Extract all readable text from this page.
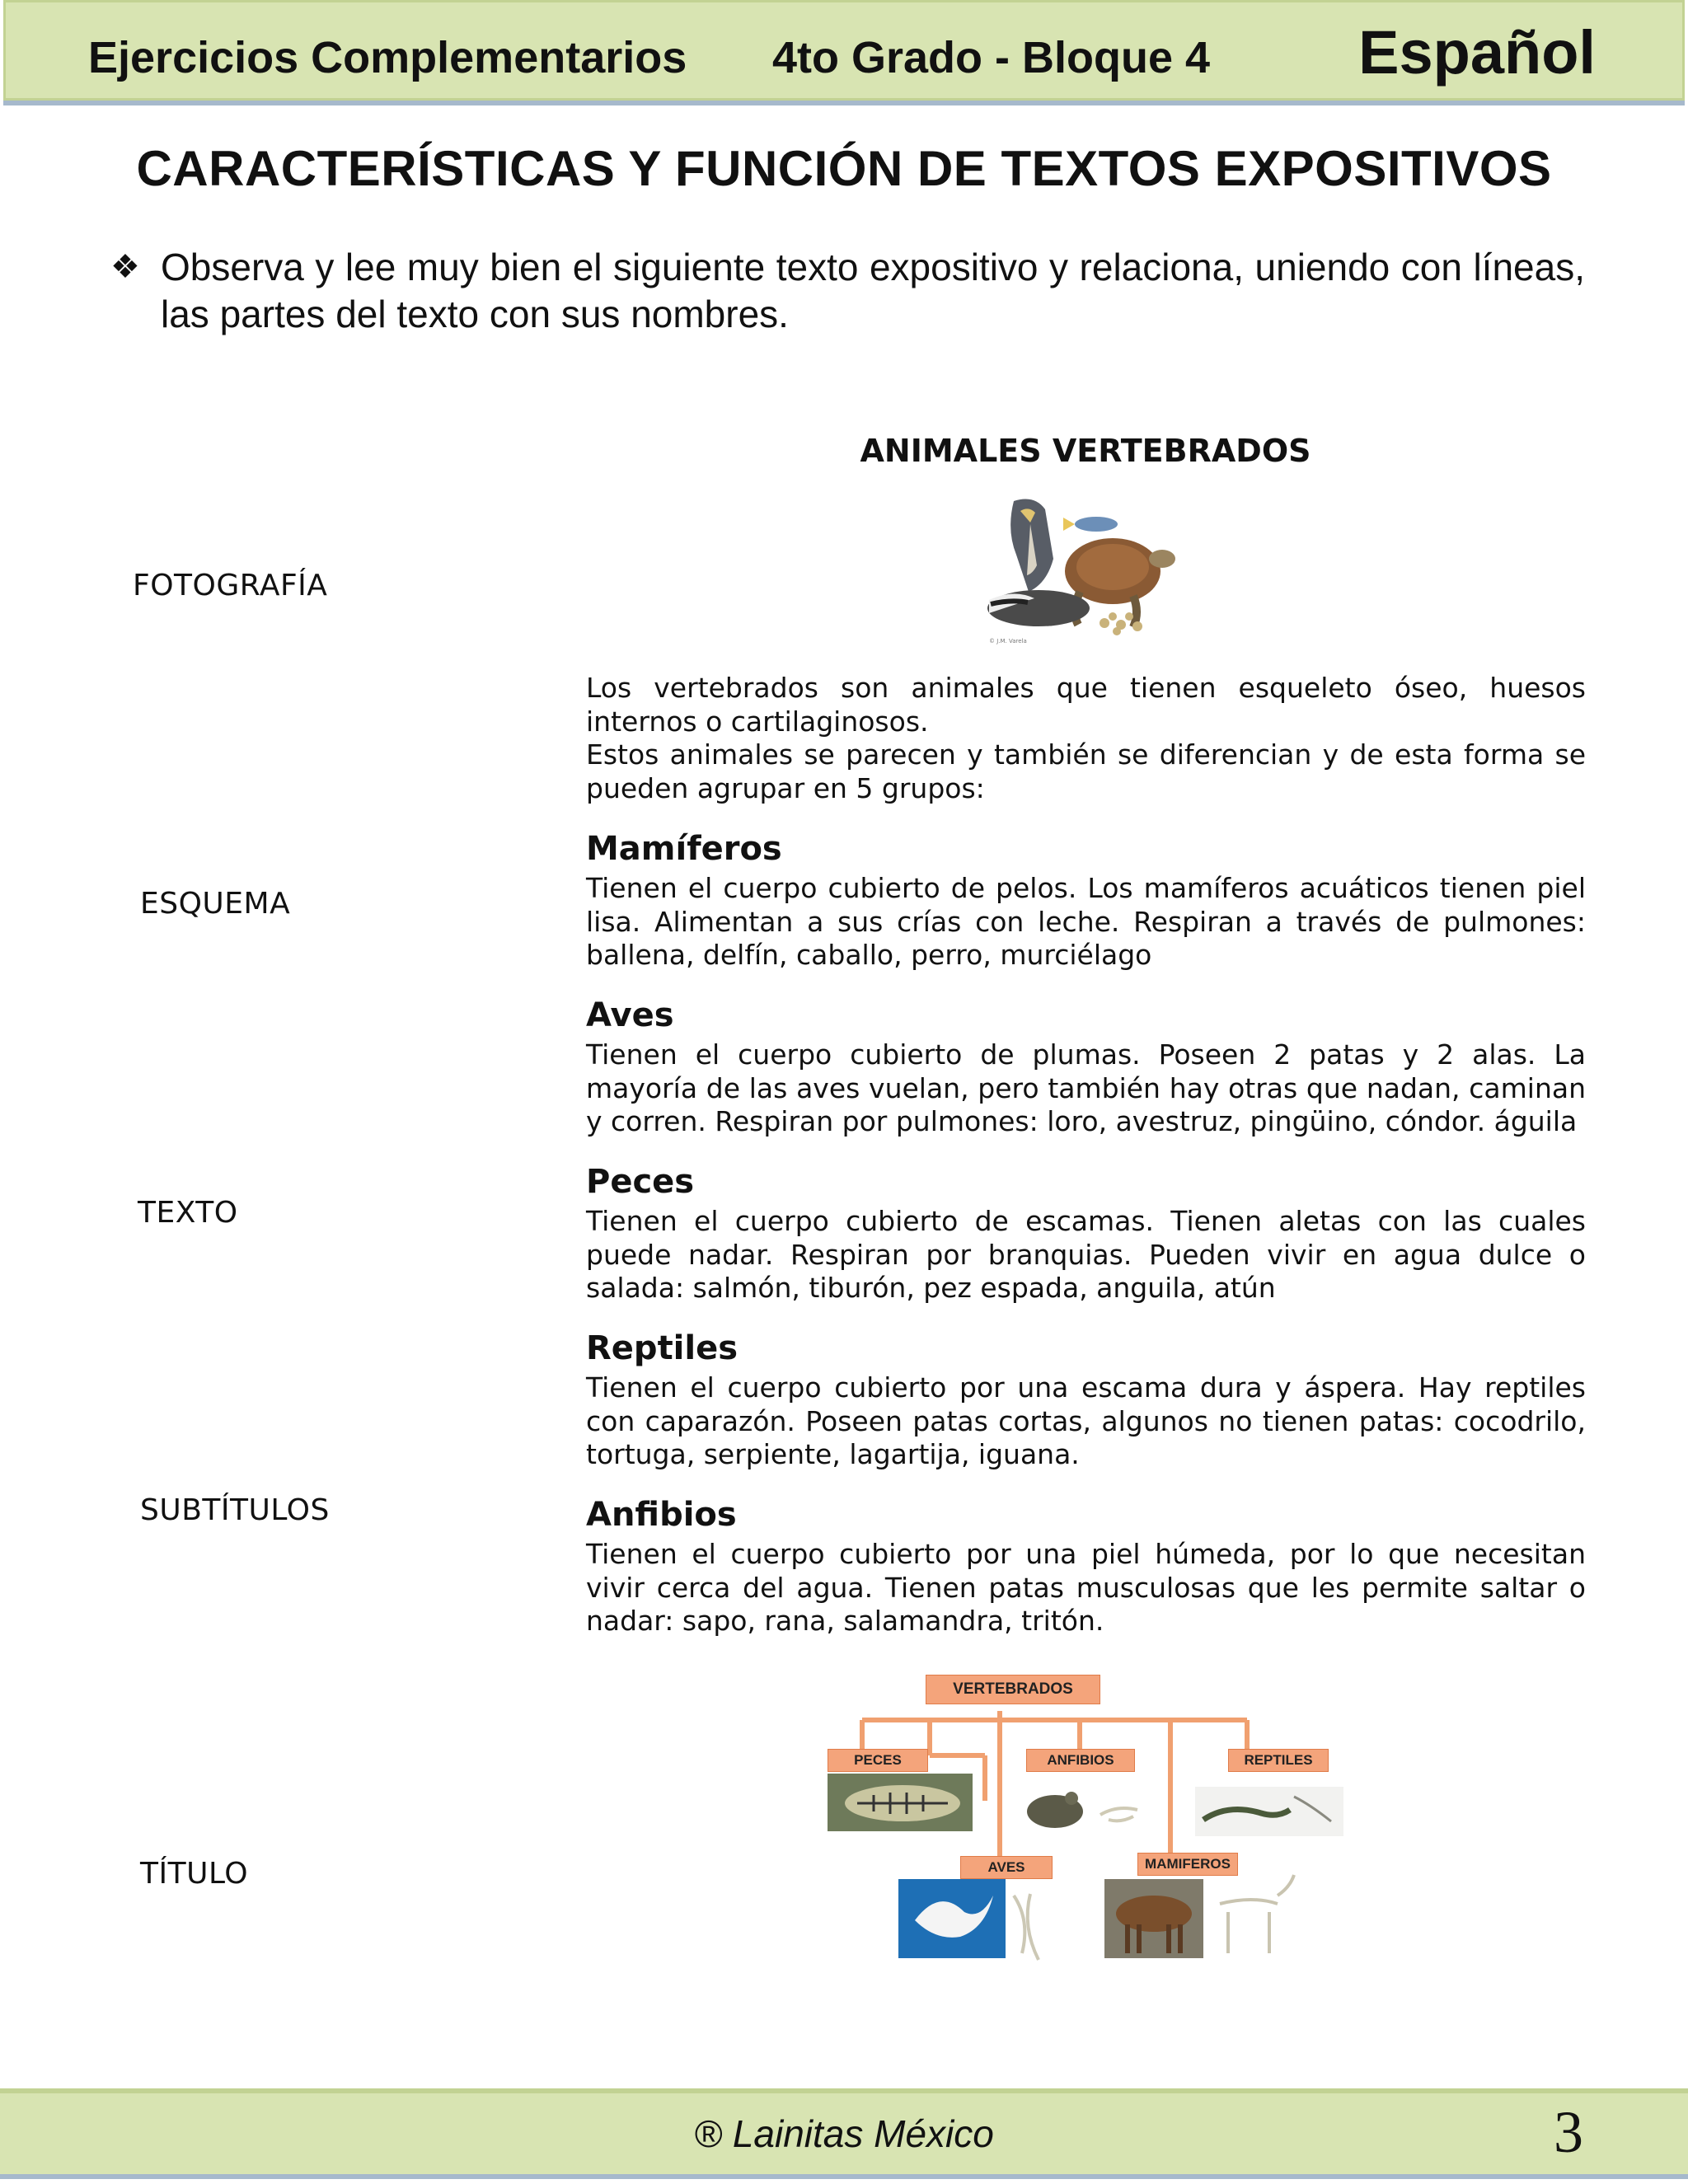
Ejercicios Complementarios 4to Grado - Bloque 4 Español
CARACTERÍSTICAS Y FUNCIÓN DE TEXTOS EXPOSITIVOS
❖ Observa y lee muy bien el siguiente texto expositivo y relaciona, uniendo con líneas, las partes del texto con sus nombres.

FOTOGRAFÍA
ESQUEMA
TEXTO
SUBTÍTULOS
TÍTULO
ANIMALES VERTEBRADOS
© J.M. Varela

Los vertebrados son animales que tienen esqueleto óseo, huesos internos o cartilaginosos.

Estos animales se parecen y también se diferencian y de esta forma se pueden agrupar en 5 grupos:

Mamíferos
Tienen el cuerpo cubierto de pelos. Los mamíferos acuáticos tienen piel lisa. Alimentan a sus crías con leche. Respiran a través de pulmones: ballena, delfín, caballo, perro, murciélago
Aves
Tienen el cuerpo cubierto de plumas. Poseen 2 patas y 2 alas. La mayoría de las aves vuelan, pero también hay otras que nadan, caminan y corren. Respiran por pulmones: loro, avestruz, pingüino, cóndor. águila
Peces
Tienen el cuerpo cubierto de escamas. Tienen aletas con las cuales puede nadar. Respiran por branquias. Pueden vivir en agua dulce o salada: salmón, tiburón, pez espada, anguila, atún
Reptiles
Tienen el cuerpo cubierto por una escama dura y áspera. Hay reptiles con caparazón. Poseen patas cortas, algunos no tienen patas: cocodrilo, tortuga, serpiente, lagartija, iguana.
Anfibios
Tienen el cuerpo cubierto por una piel húmeda, por lo que necesitan vivir cerca del agua. Tienen patas musculosas que les permite saltar o nadar: sapo, rana, salamandra, tritón.
VERTEBRADOS
PECES	ANFIBIOS	REPTILES
AVES	MAMIFEROS
® Lainitas México	3
